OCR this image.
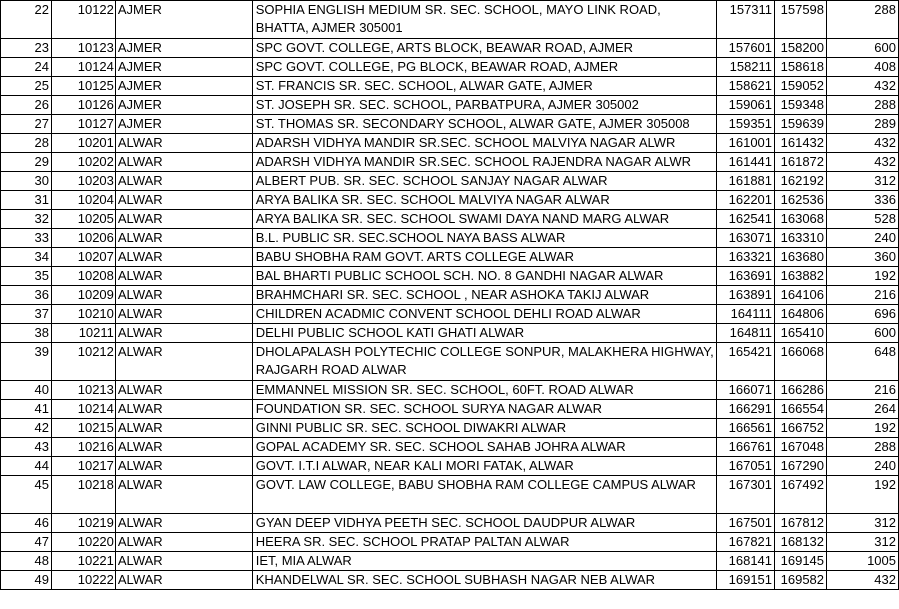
22	10122	AJMER	SOPHIA ENGLISH MEDIUM SR. SEC. SCHOOL, MAYO LINK ROAD, BHATTA, AJMER 305001	157311	157598	288
23	10123	AJMER	SPC GOVT. COLLEGE, ARTS BLOCK, BEAWAR ROAD, AJMER	157601	158200	600
24	10124	AJMER	SPC GOVT. COLLEGE, PG BLOCK, BEAWAR ROAD, AJMER	158211	158618	408
25	10125	AJMER	ST. FRANCIS SR. SEC. SCHOOL, ALWAR GATE, AJMER	158621	159052	432
26	10126	AJMER	ST. JOSEPH SR. SEC. SCHOOL, PARBATPURA, AJMER 305002	159061	159348	288
27	10127	AJMER	ST. THOMAS SR. SECONDARY SCHOOL, ALWAR GATE, AJMER 305008	159351	159639	289
28	10201	ALWAR	ADARSH VIDHYA MANDIR SR.SEC. SCHOOL MALVIYA NAGAR ALWR	161001	161432	432
29	10202	ALWAR	ADARSH VIDHYA MANDIR SR.SEC. SCHOOL RAJENDRA NAGAR ALWR	161441	161872	432
30	10203	ALWAR	ALBERT PUB. SR. SEC. SCHOOL SANJAY NAGAR ALWAR	161881	162192	312
31	10204	ALWAR	ARYA BALIKA SR. SEC. SCHOOL MALVIYA NAGAR ALWAR	162201	162536	336
32	10205	ALWAR	ARYA BALIKA SR. SEC. SCHOOL SWAMI DAYA NAND MARG ALWAR	162541	163068	528
33	10206	ALWAR	B.L. PUBLIC SR. SEC.SCHOOL NAYA BASS ALWAR	163071	163310	240
34	10207	ALWAR	BABU SHOBHA RAM GOVT. ARTS COLLEGE ALWAR	163321	163680	360
35	10208	ALWAR	BAL BHARTI PUBLIC SCHOOL SCH. NO. 8 GANDHI NAGAR ALWAR	163691	163882	192
36	10209	ALWAR	BRAHMCHARI SR. SEC. SCHOOL , NEAR ASHOKA TAKIJ ALWAR	163891	164106	216
37	10210	ALWAR	CHILDREN ACADMIC CONVENT SCHOOL DEHLI ROAD ALWAR	164111	164806	696
38	10211	ALWAR	DELHI PUBLIC SCHOOL KATI GHATI ALWAR	164811	165410	600
39	10212	ALWAR	DHOLAPALASH POLYTECHIC COLLEGE SONPUR, MALAKHERA HIGHWAY, RAJGARH ROAD ALWAR	165421	166068	648
40	10213	ALWAR	EMMANNEL MISSION SR. SEC. SCHOOL, 60FT. ROAD ALWAR	166071	166286	216
41	10214	ALWAR	FOUNDATION SR. SEC. SCHOOL SURYA NAGAR ALWAR	166291	166554	264
42	10215	ALWAR	GINNI PUBLIC SR. SEC. SCHOOL DIWAKRI ALWAR	166561	166752	192
43	10216	ALWAR	GOPAL ACADEMY SR. SEC. SCHOOL SAHAB JOHRA ALWAR	166761	167048	288
44	10217	ALWAR	GOVT. I.T.I ALWAR, NEAR KALI MORI FATAK, ALWAR	167051	167290	240
45	10218	ALWAR	GOVT. LAW COLLEGE, BABU SHOBHA RAM COLLEGE CAMPUS ALWAR	167301	167492	192
46	10219	ALWAR	GYAN DEEP VIDHYA PEETH SEC. SCHOOL DAUDPUR ALWAR	167501	167812	312
47	10220	ALWAR	HEERA SR. SEC. SCHOOL PRATAP PALTAN ALWAR	167821	168132	312
48	10221	ALWAR	IET, MIA ALWAR	168141	169145	1005
49	10222	ALWAR	KHANDELWAL SR. SEC. SCHOOL SUBHASH NAGAR NEB ALWAR	169151	169582	432
